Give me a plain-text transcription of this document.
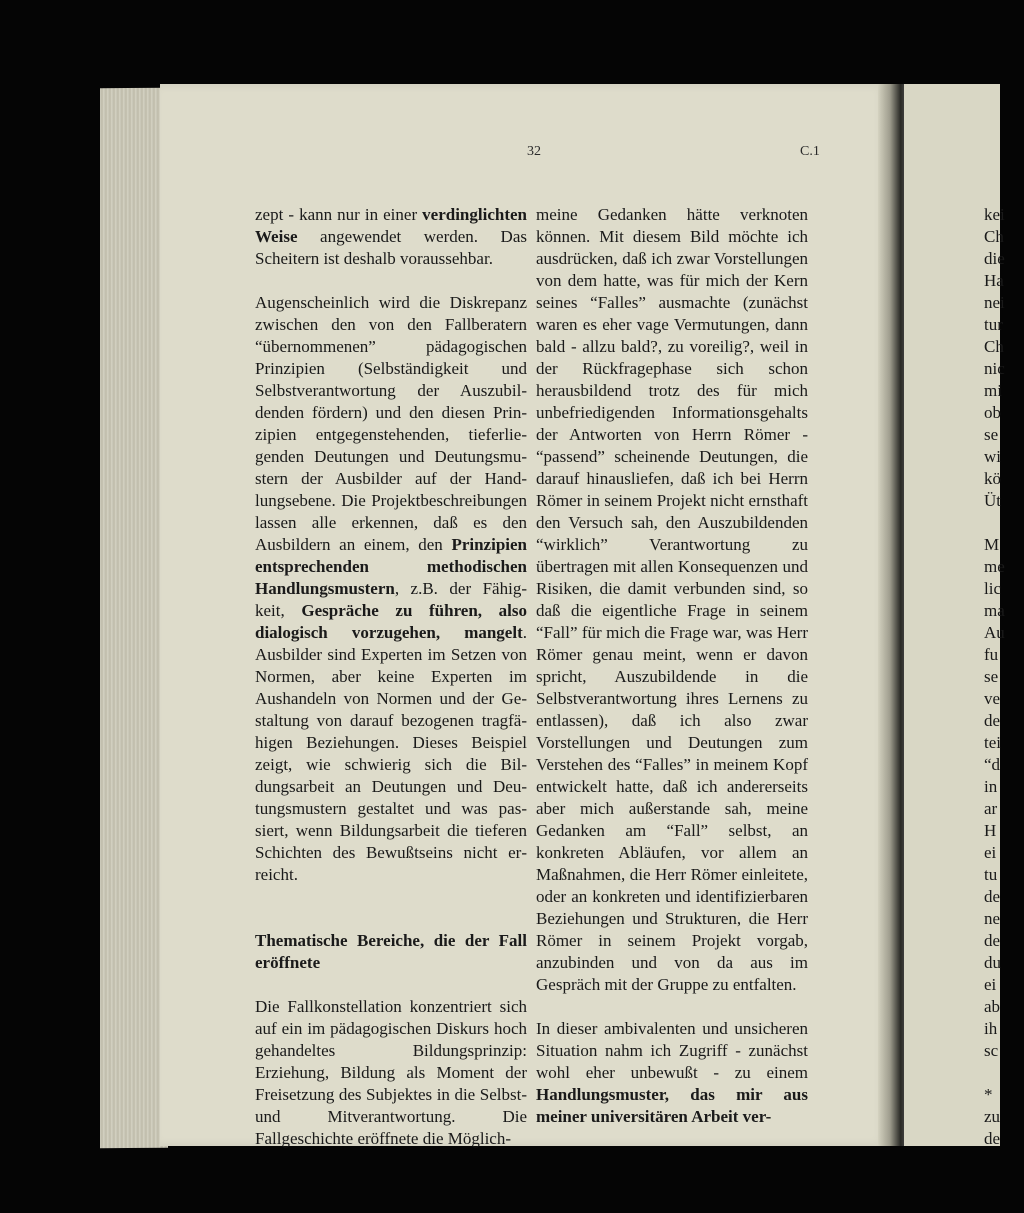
32	C.1

zept - kann nur in einer verdinglichten Weise angewendet werden. Das Scheitern ist deshalb voraussehbar.

Augenscheinlich wird die Diskrepanz zwischen den von den Fallberatern “übernommenen” pädagogischen Prinzipien (Selbständigkeit und Selbstverantwortung der Auszubildenden fördern) und den diesen Prinzipien entgegenstehenden, tieferliegenden Deutungen und Deutungsmustern der Ausbilder auf der Handlungsebene. Die Projektbeschreibungen lassen alle erkennen, daß es den Ausbildern an einem, den Prinzipien entsprechenden methodischen Handlungsmustern, z.B. der Fähigkeit, Gespräche zu führen, also dialogisch vorzugehen, mangelt. Ausbilder sind Experten im Setzen von Normen, aber keine Experten im Aushandeln von Normen und der Gestaltung von darauf bezogenen tragfähigen Beziehungen. Dieses Beispiel zeigt, wie schwierig sich die Bildungsarbeit an Deutungen und Deutungsmustern gestaltet und was passiert, wenn Bildungsarbeit die tieferen Schichten des Bewußtseins nicht erreicht.

Thematische Bereiche, die der Fall eröffnete

Die Fallkonstellation konzentriert sich auf ein im pädagogischen Diskurs hoch gehandeltes Bildungsprinzip: Erziehung, Bildung als Moment der Freisetzung des Subjektes in die Selbst- und Mitverantwortung. Die Fallgeschichte eröffnete die Möglich-

meine Gedanken hätte verknoten können. Mit diesem Bild möchte ich ausdrücken, daß ich zwar Vorstellungen von dem hatte, was für mich der Kern seines “Falles” ausmachte (zunächst waren es eher vage Vermutungen, dann bald - allzu bald?, zu voreilig?, weil in der Rückfragephase sich schon herausbildend trotz des für mich unbefriedigenden Informationsgehalts der Antworten von Herrn Römer - “passend” scheinende Deutungen, die darauf hinausliefen, daß ich bei Herrn Römer in seinem Projekt nicht ernsthaft den Versuch sah, den Auszubildenden “wirklich” Verantwortung zu übertragen mit allen Konsequenzen und Risiken, die damit verbunden sind, so daß die eigentliche Frage in seinem “Fall” für mich die Frage war, was Herr Römer genau meint, wenn er davon spricht, Auszubildende in die Selbstverantwortung ihres Lernens zu entlassen), daß ich also zwar Vorstellungen und Deutungen zum Verstehen des “Falles” in meinem Kopf entwickelt hatte, daß ich andererseits aber mich außerstande sah, meine Gedanken am “Fall” selbst, an konkreten Abläufen, vor allem an Maßnahmen, die Herr Römer einleitete, oder an konkreten und identifizierbaren Beziehungen und Strukturen, die Herr Römer in seinem Projekt vorgab, anzubinden und von da aus im Gespräch mit der Gruppe zu entfalten.

In dieser ambivalenten und unsicheren Situation nahm ich Zugriff - zunächst wohl eher unbewußt - zu einem Handlungsmuster, das mir aus meiner universitären Arbeit ver-

kei
Ch
die
Ha
nei
tur
Ch
nic
mi
ob
se
wi
kö
Üt
M
me
lic
ma
Au
fu
se
ve
de
tei
“d
in
ar
H
ei
tu
de
ne
de
du
ei
ab
ih
sc
*
zu
de
